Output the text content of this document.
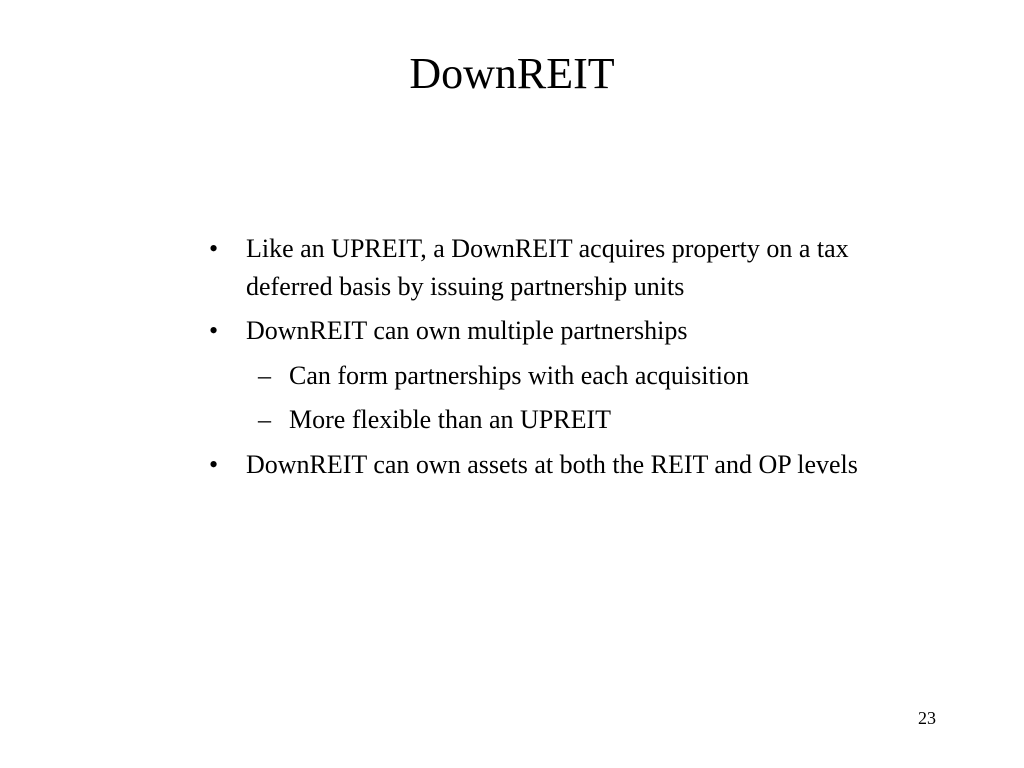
DownREIT
• Like an UPREIT, a DownREIT acquires property on a tax deferred basis by issuing partnership units
• DownREIT can own multiple partnerships
– Can form partnerships with each acquisition
– More flexible than an UPREIT
• DownREIT can own assets at both the REIT and OP levels
23
